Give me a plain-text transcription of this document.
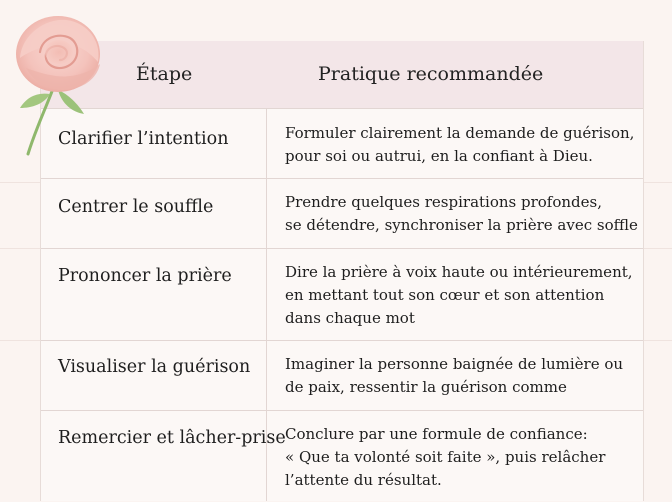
Étape	Pratique recommandée
Clarifier l’intention	Formuler clairement la demande de guérison,
pour soi ou autrui, en la confiant à Dieu.
Centrer le souffle	Prendre quelques respirations profondes,
se détendre, synchroniser la prière avec soffle
Prononcer la prière	Dire la prière à voix haute ou intérieurement,
en mettant tout son cœur et son attention
dans chaque mot
Visualiser la guérison Imaginer la personne baignée de lumière ou
de paix, ressentir la guérison comme
Remercier et lâcher-prise Conclure par une formule de confiance:
« Que ta volonté soit faite », puis relâcher
l’attente du résultat.
